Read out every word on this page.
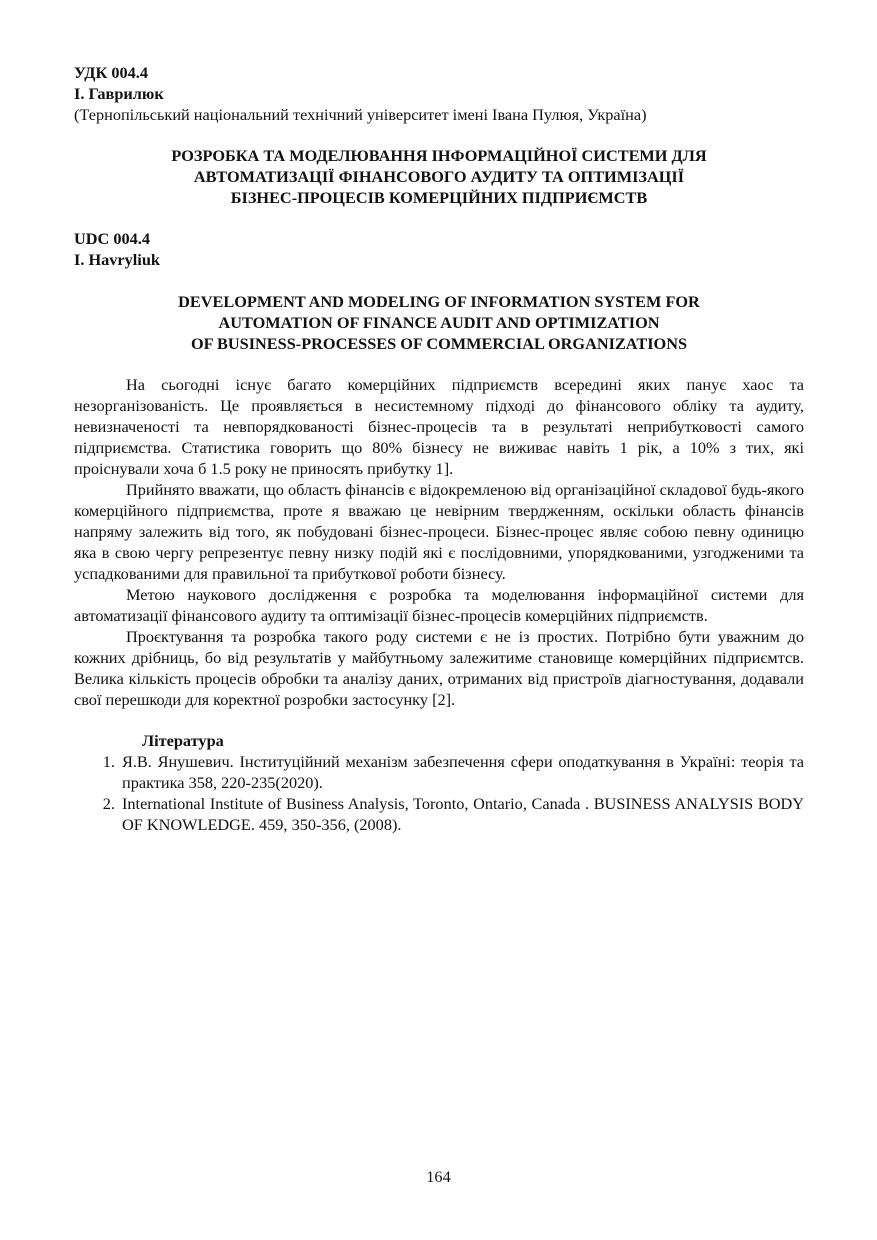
УДК 004.4
І. Гаврилюк
(Тернопільський національний технічний університет імені Івана Пулюя, Україна)
РОЗРОБКА ТА МОДЕЛЮВАННЯ ІНФОРМАЦІЙНОЇ СИСТЕМИ ДЛЯ
АВТОМАТИЗАЦІЇ ФІНАНСОВОГО АУДИТУ ТА ОПТИМІЗАЦІЇ
БІЗНЕС-ПРОЦЕСІВ КОМЕРЦІЙНИХ ПІДПРИЄМСТВ
UDC 004.4
I. Havryliuk
DEVELOPMENT AND MODELING OF INFORMATION SYSTEM FOR
AUTOMATION OF FINANCE AUDIT AND OPTIMIZATION
OF BUSINESS-PROCESSES OF COMMERCIAL ORGANIZATIONS

На сьогодні існує багато комерційних підприємств всередині яких панує хаос та незорганізованість. Це проявляється в несистемному підході до фінансового обліку та аудиту, невизначеності та невпорядкованості бізнес-процесів та в результаті неприбутковості самого підприємства. Статистика говорить що 80% бізнесу не виживає навіть 1 рік, а 10% з тих, які проіснували хоча б 1.5 року не приносять прибутку 1].

Прийнято вважати, що область фінансів є відокремленою від організаційної складової будь-якого комерційного підприємства, проте я вважаю це невірним твердженням, оскільки область фінансів напряму залежить від того, як побудовані бізнес-процеси. Бізнес-процес являє собою певну одиницю яка в свою чергу репрезентує певну низку подій які є послідовними, упорядкованими, узгодженими та успадкованими для правильної та прибуткової роботи бізнесу.

Метою наукового дослідження є розробка та моделювання інформаційної системи для автоматизації фінансового аудиту та оптимізації бізнес-процесів комерційних підприємств.

Проєктування та розробка такого роду системи є не із простих. Потрібно бути уважним до кожних дрібниць, бо від результатів у майбутньому залежитиме становище комерційних підприємтсв. Велика кількість процесів обробки та аналізу даних, отриманих від пристроїв діагностування, додавали свої перешкоди для коректної розробки застосунку [2].

Література
1. Я.В. Янушевич. Інституційний механізм забезпечення сфери оподаткування в Україні: теорія та практика 358, 220-235(2020).
2. International Institute of Business Analysis, Toronto, Ontario, Canada . BUSINESS ANALYSIS BODY OF KNOWLEDGE. 459, 350-356, (2008).
164
